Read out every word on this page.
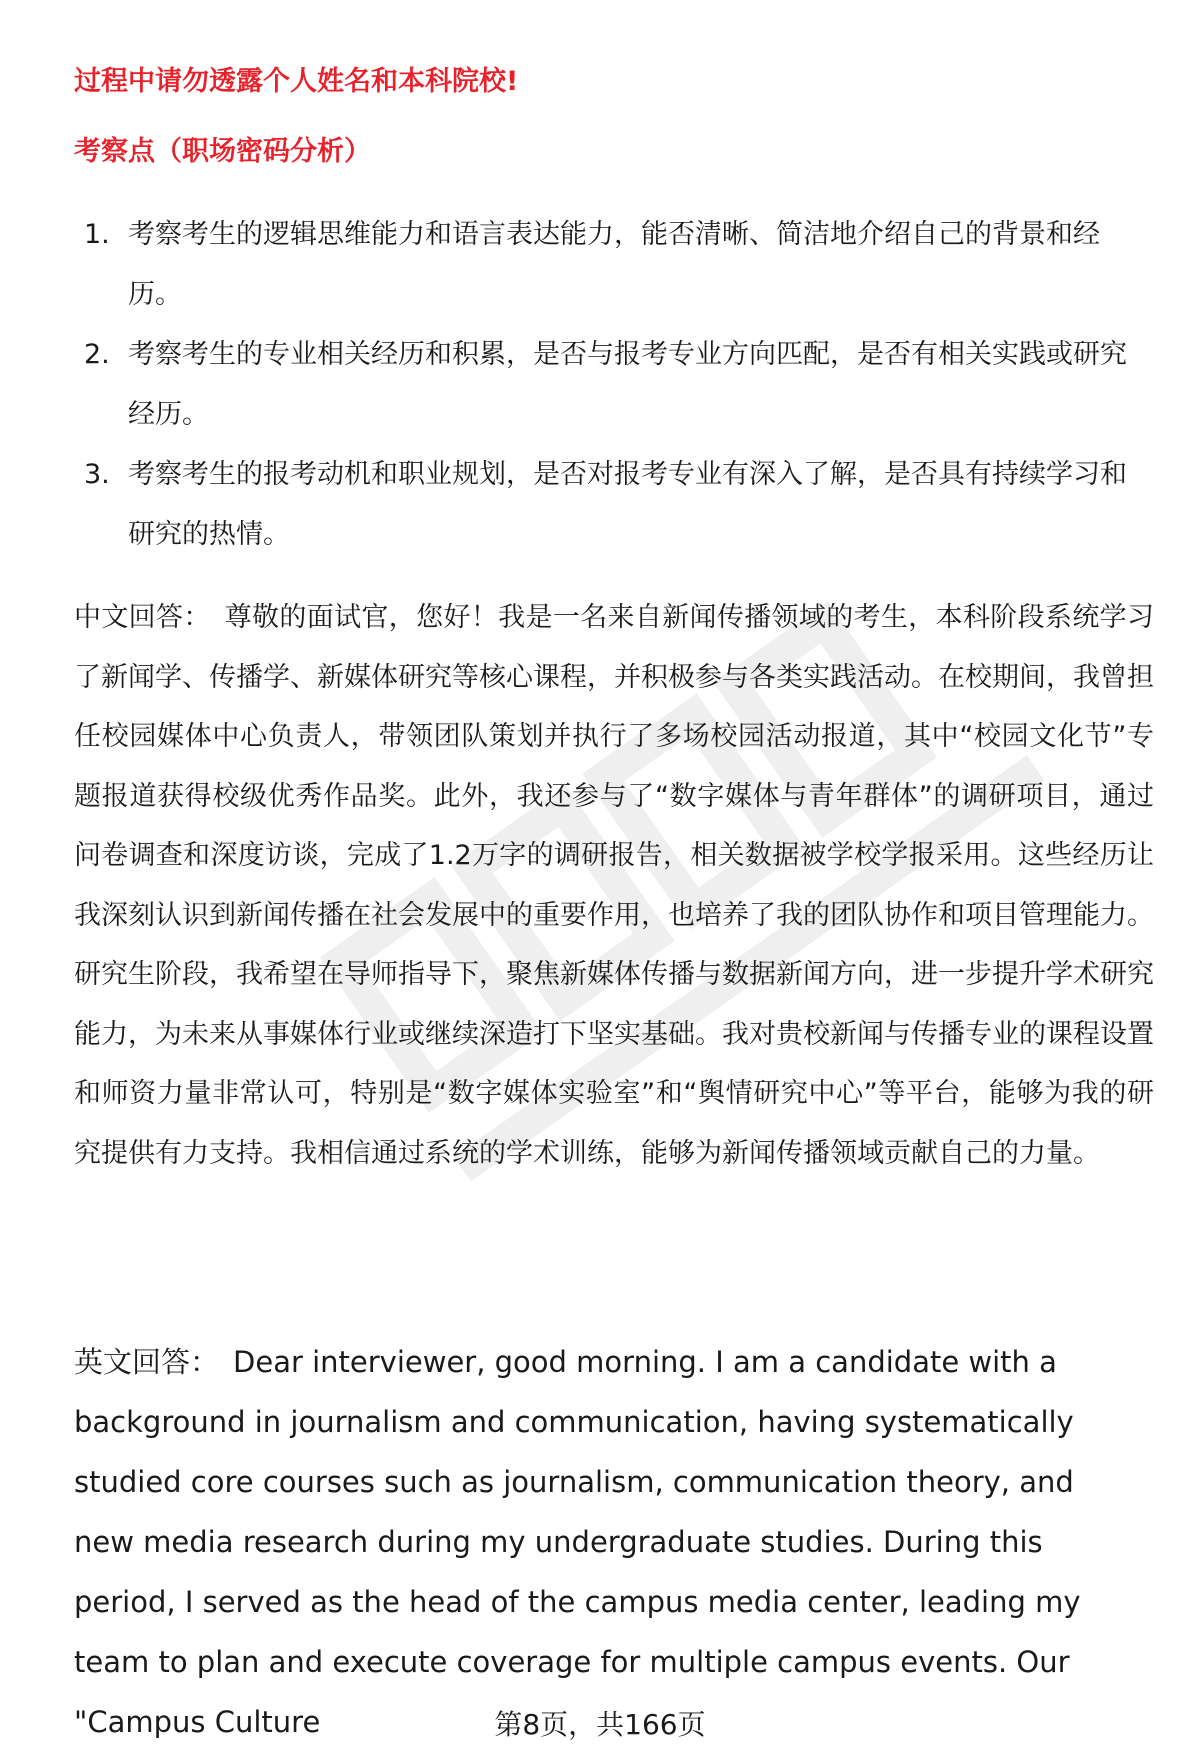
过程中请勿透露个人姓名和本科院校!
考察点（职场密码分析）
1. 考察考生的逻辑思维能力和语言表达能力，能否清晰、简洁地介绍自己的背景和经历。
2. 考察考生的专业相关经历和积累，是否与报考专业方向匹配，是否有相关实践或研究经历。
3. 考察考生的报考动机和职业规划，是否对报考专业有深入了解，是否具有持续学习和研究的热情。

中文回答： 尊敬的面试官，您好！我是一名来自新闻传播领域的考生，本科阶段系统学习了新闻学、传播学、新媒体研究等核心课程，并积极参与各类实践活动。在校期间，我曾担任校园媒体中心负责人，带领团队策划并执行了多场校园活动报道，其中“校园文化节”专题报道获得校级优秀作品奖。此外，我还参与了“数字媒体与青年群体”的调研项目，通过问卷调查和深度访谈，完成了1.2万字的调研报告，相关数据被学校学报采用。这些经历让我深刻认识到新闻传播在社会发展中的重要作用，也培养了我的团队协作和项目管理能力。研究生阶段，我希望在导师指导下，聚焦新媒体传播与数据新闻方向，进一步提升学术研究能力，为未来从事媒体行业或继续深造打下坚实基础。我对贵校新闻与传播专业的课程设置和师资力量非常认可，特别是“数字媒体实验室”和“舆情研究中心”等平台，能够为我的研究提供有力支持。我相信通过系统的学术训练，能够为新闻传播领域贡献自己的力量。

英文回答： Dear interviewer, good morning. I am a candidate with a background in journalism and communication, having systematically studied core courses such as journalism, communication theory, and new media research during my undergraduate studies. During this period, I served as the head of the campus media center, leading my team to plan and execute coverage for multiple campus events. Our "Campus Culture	第8页，共166页
